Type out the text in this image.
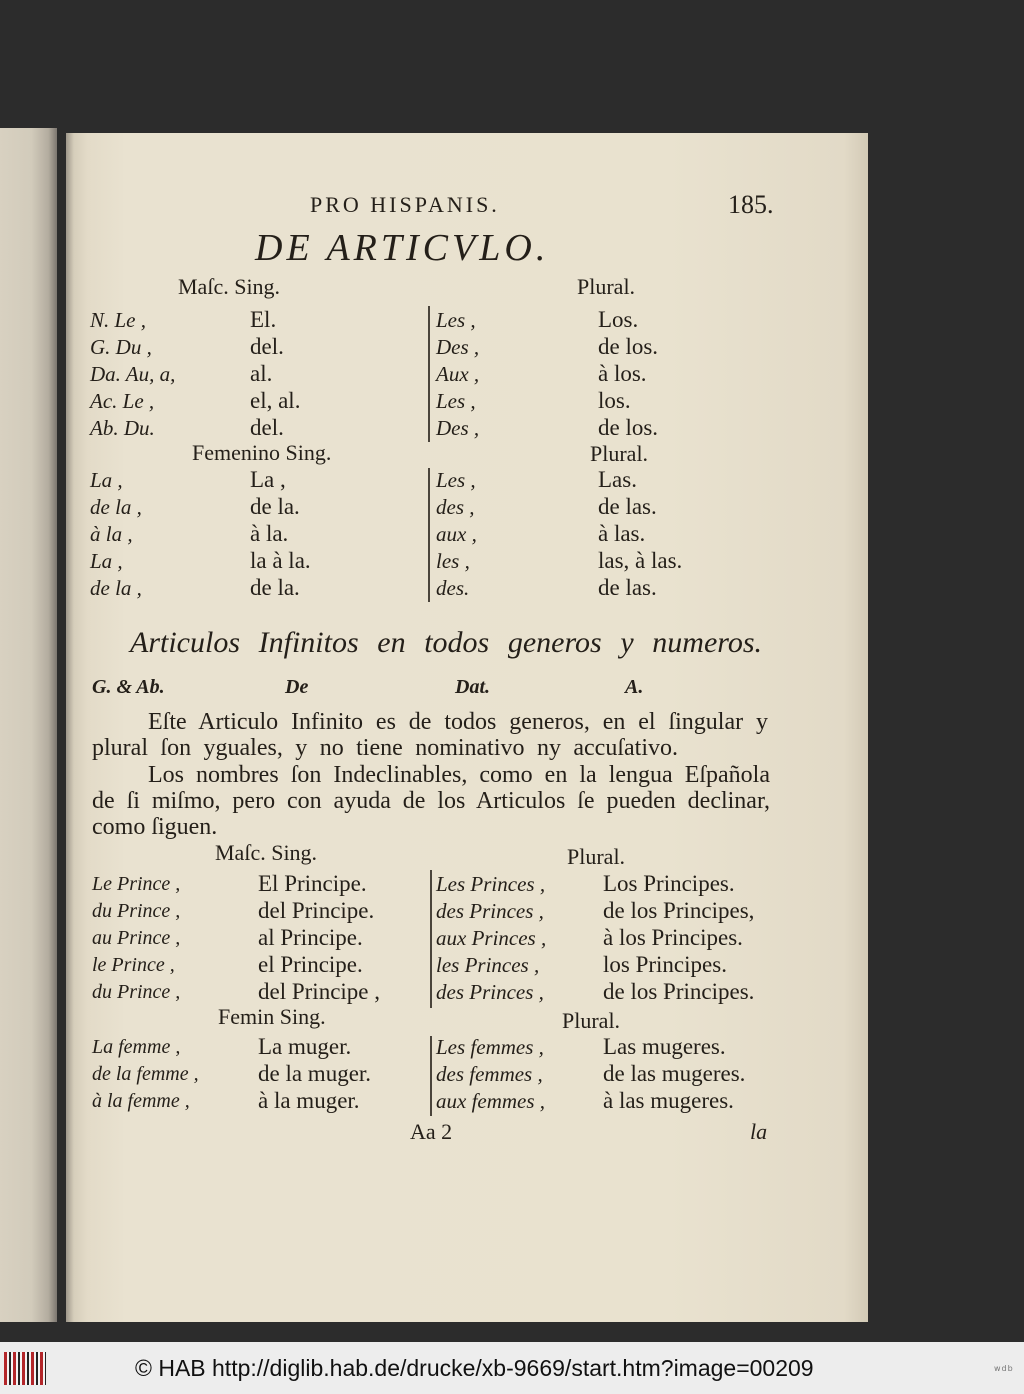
PRO HISPANIS.	185.
DE ARTICVLO.
Maſc. Sing.	Plural.
N. Le ,	El.	Les ,	Los.
G. Du ,	del.	Des ,	de los.
Da. Au, a,	al.	Aux ,	à los.
Ac. Le ,	el, al.	Les ,	los.
Ab. Du.	del.	Des ,	de los.
Femenino Sing.	Plural.
La ,	La ,	Les ,	Las.
de la ,	de la.	des ,	de las.
à la ,	à la.	aux ,	à las.
La ,	la à la.	les ,	las, à las.
de la ,	de la.	des.	de las.
Articulos Infinitos en todos generos y numeros.
G. & Ab.	De	Dat.	A.
Eſte Articulo Infinito es de todos generos, en el ſingular y
plural ſon yguales, y no tiene nominativo ny accuſativo.
Los nombres ſon Indeclinables, como en la lengua Eſpañola
de ſi miſmo, pero con ayuda de los Articulos ſe pueden declinar,
como ſiguen.
Maſc. Sing.	Plural.
Le Prince ,	El Principe.	Les Princes ,	Los Principes.
du Prince ,	del Principe.	des Princes ,	de los Principes,
au Prince ,	al Principe.	aux Princes , à los Principes.
le Prince ,	el Principe.	les Princes ,	los Principes.
du Prince ,	del Principe ,	des Princes ,	de los Principes.
Femin Sing.	Plural.
La femme ,	La muger.	Les femmes ,	Las mugeres.
de la femme ,	de la muger.	des femmes ,	de las mugeres.
à la femme ,	à la muger.	aux femmes ,	à las mugeres.
Aa 2	la
© HAB http://diglib.hab.de/drucke/xb-9669/start.htm?image=00209	wdb
